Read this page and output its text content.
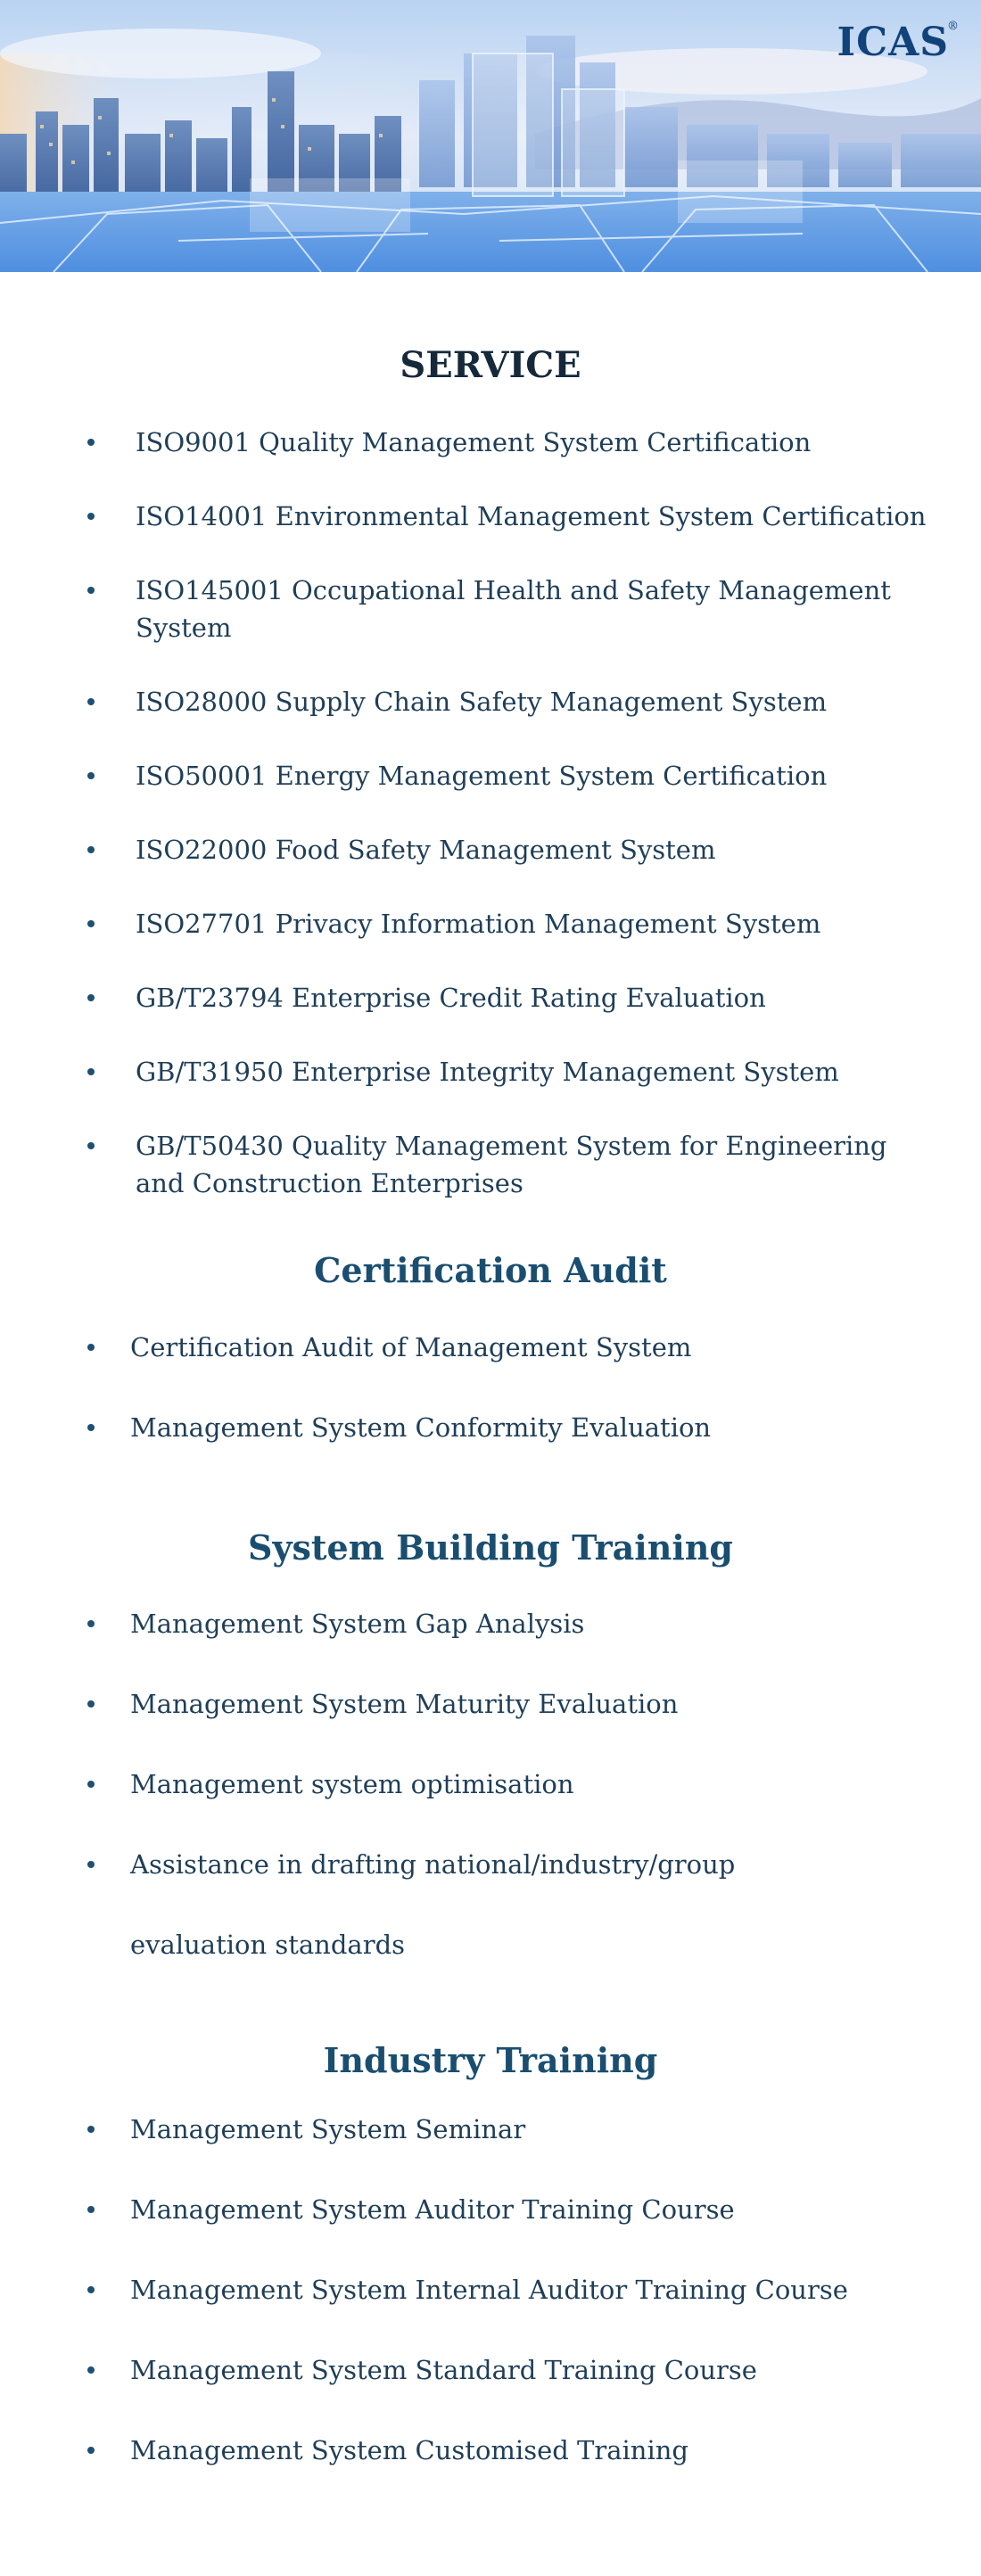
ICAS
®
SERVICE
ISO9001 Quality Management System Certification
ISO14001 Environmental Management System Certification
ISO145001 Occupational Health and Safety Management System
ISO28000 Supply Chain Safety Management System
ISO50001 Energy Management System Certification
ISO22000 Food Safety Management System
ISO27701 Privacy Information Management System
GB/T23794 Enterprise Credit Rating Evaluation
GB/T31950 Enterprise Integrity Management System
GB/T50430 Quality Management System for Engineering
and Construction Enterprises
Certification Audit
Certification Audit of Management System
Management System Conformity Evaluation
System Building Training
Management System Gap Analysis
Management System Maturity Evaluation
Management system optimisation
Assistance in drafting national/industry/group
evaluation standards
Industry Training
Management System Seminar
Management System Auditor Training Course
Management System Internal Auditor Training Course
Management System Standard Training Course
Management System Customised Training
